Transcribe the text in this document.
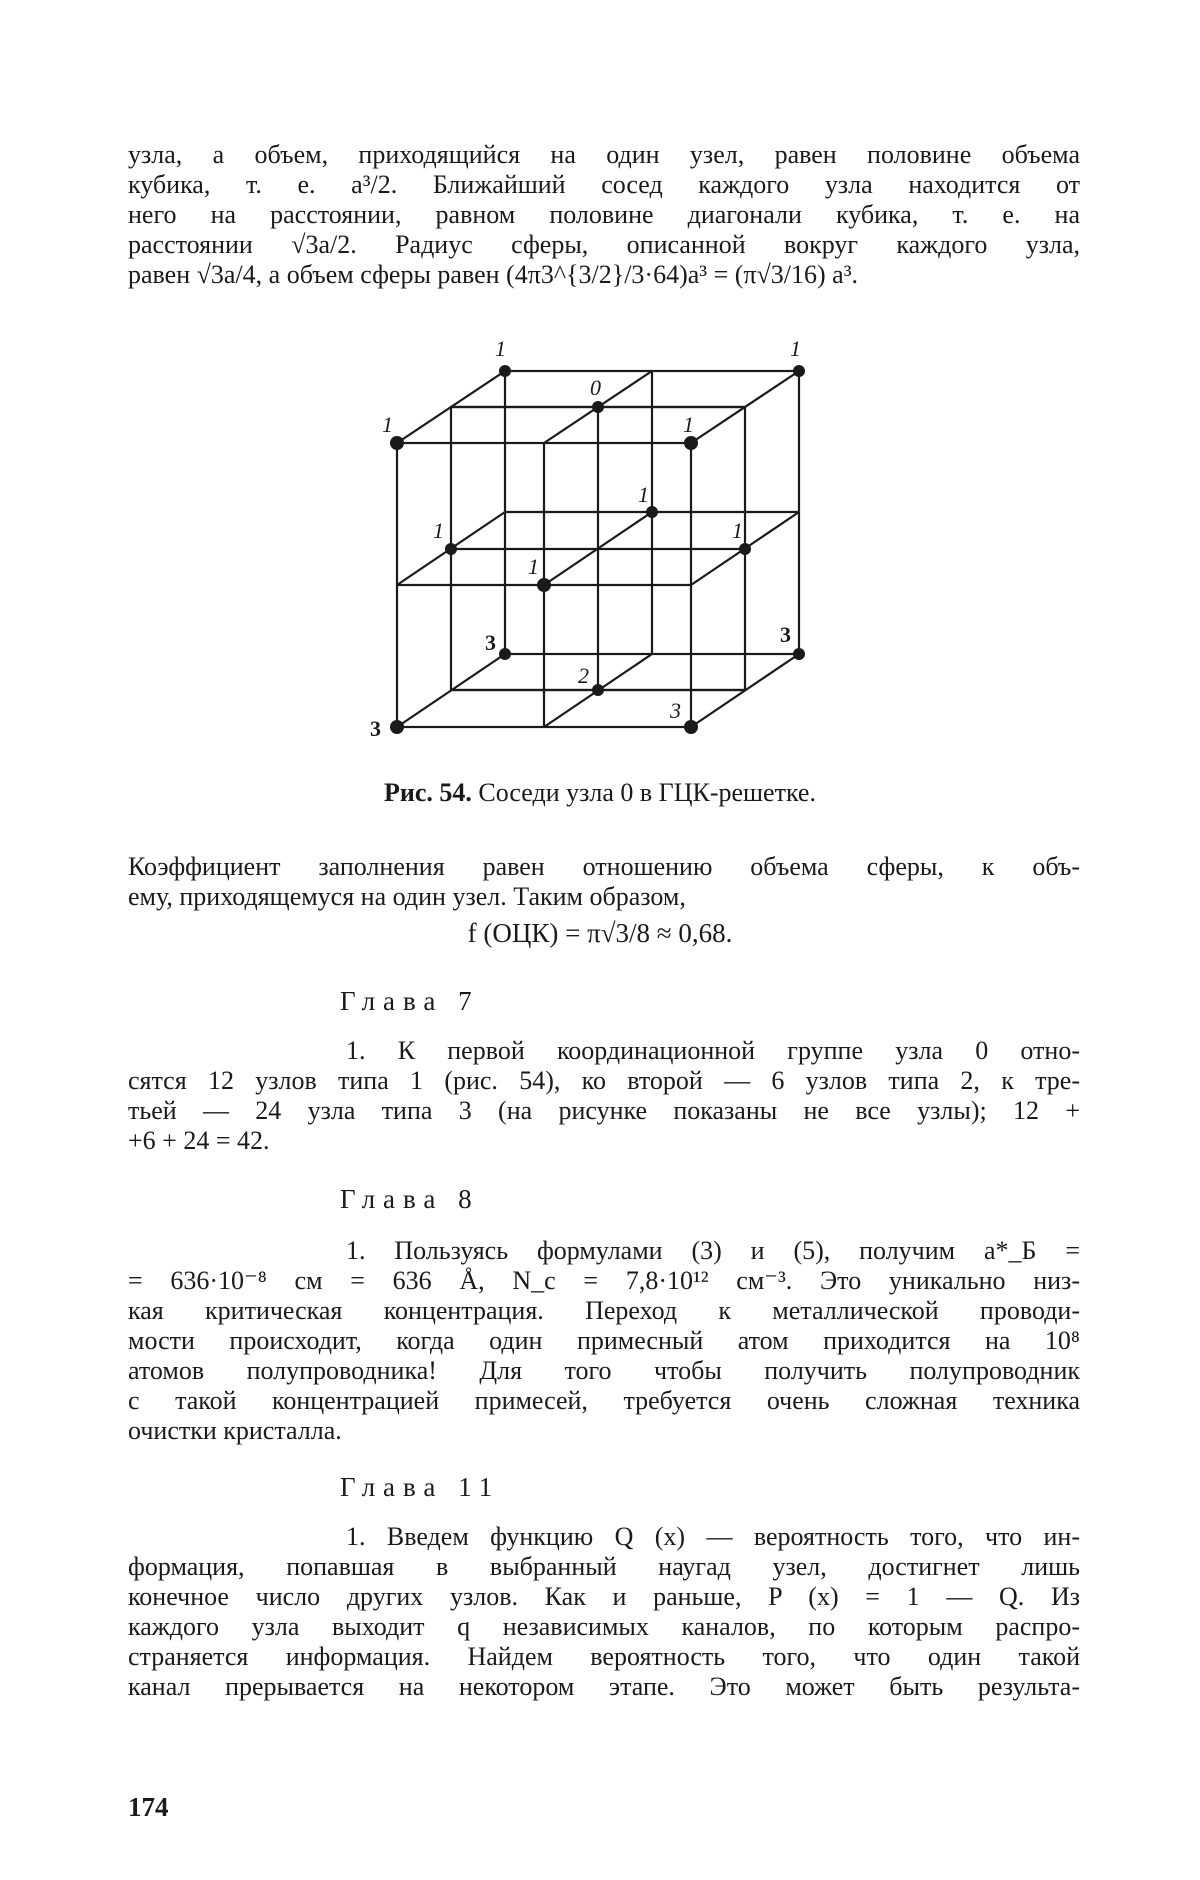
узла, а объем, приходящийся на один узел, равен половине объема
кубика, т. е. a³/2. Ближайший сосед каждого узла находится от
него на расстоянии, равном половине диагонали кубика, т. е. на
расстоянии √3a/2. Радиус сферы, описанной вокруг каждого узла,
равен √3a/4, а объем сферы равен (4π3^{3/2}/3·64)a³ = (π√3/16) a³.

1	1
0
1	1
1
1	1
1
3	3
2
3
3
Рис. 54. Соседи узла 0 в ГЦК-решетке.

Коэффициент заполнения равен отношению объема сферы, к объ-
ему, приходящемуся на один узел. Таким образом,

f (ОЦК) = π√3/8 ≈ 0,68.
Глава 7

1. К первой координационной группе узла 0 отно-
сятся 12 узлов типа 1 (рис. 54), ко второй — 6 узлов типа 2, к тре-
тьей — 24 узла типа 3 (на рисунке показаны не все узлы); 12 +
+6 + 24 = 42.

Глава 8

1. Пользуясь формулами (3) и (5), получим a*_Б =
= 636·10⁻⁸ см = 636 Å, N_c = 7,8·10¹² см⁻³. Это уникально низ-
кая критическая концентрация. Переход к металлической проводи-
мости происходит, когда один примесный атом приходится на 10⁸
атомов полупроводника! Для того чтобы получить полупроводник
с такой концентрацией примесей, требуется очень сложная техника
очистки кристалла.

Глава 11

1. Введем функцию Q (x) — вероятность того, что ин-
формация, попавшая в выбранный наугад узел, достигнет лишь
конечное число других узлов. Как и раньше, P (x) = 1 — Q. Из
каждого узла выходит q независимых каналов, по которым распро-
страняется информация. Найдем вероятность того, что один такой
канал прерывается на некотором этапе. Это может быть результа-

174
